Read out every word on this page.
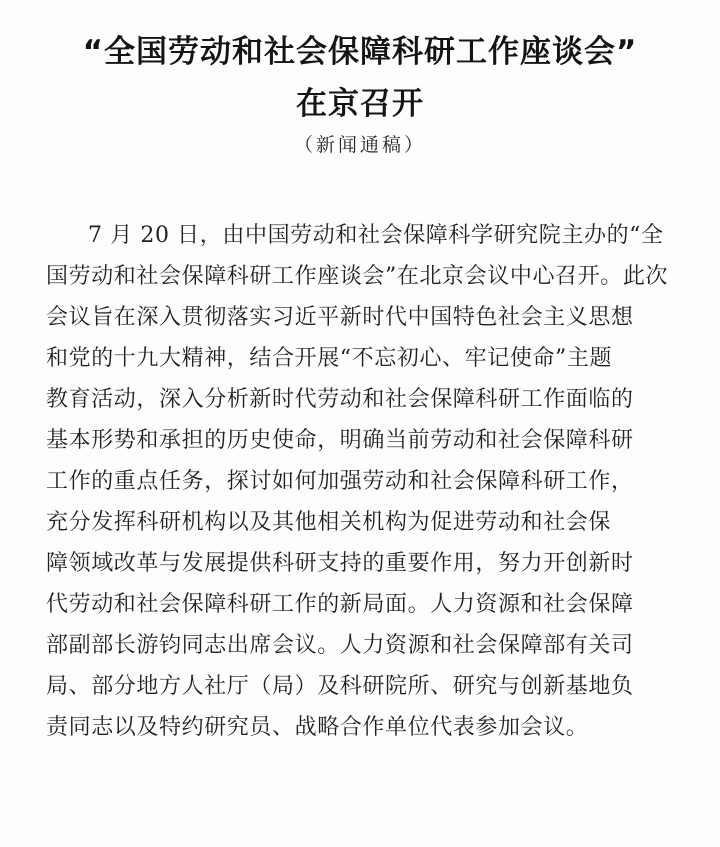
“全国劳动和社会保障科研工作座谈会”
在京召开
（新闻通稿）
7 月 20 日，由中国劳动和社会保障科学研究院主办的“全
国劳动和社会保障科研工作座谈会”在北京会议中心召开。此次
会议旨在深入贯彻落实习近平新时代中国特色社会主义思想
和党的十九大精神，结合开展“不忘初心、牢记使命”主题
教育活动，深入分析新时代劳动和社会保障科研工作面临的
基本形势和承担的历史使命，明确当前劳动和社会保障科研
工作的重点任务，探讨如何加强劳动和社会保障科研工作，
充分发挥科研机构以及其他相关机构为促进劳动和社会保
障领域改革与发展提供科研支持的重要作用，努力开创新时
代劳动和社会保障科研工作的新局面。人力资源和社会保障
部副部长游钧同志出席会议。人力资源和社会保障部有关司
局、部分地方人社厅（局）及科研院所、研究与创新基地负
责同志以及特约研究员、战略合作单位代表参加会议。
